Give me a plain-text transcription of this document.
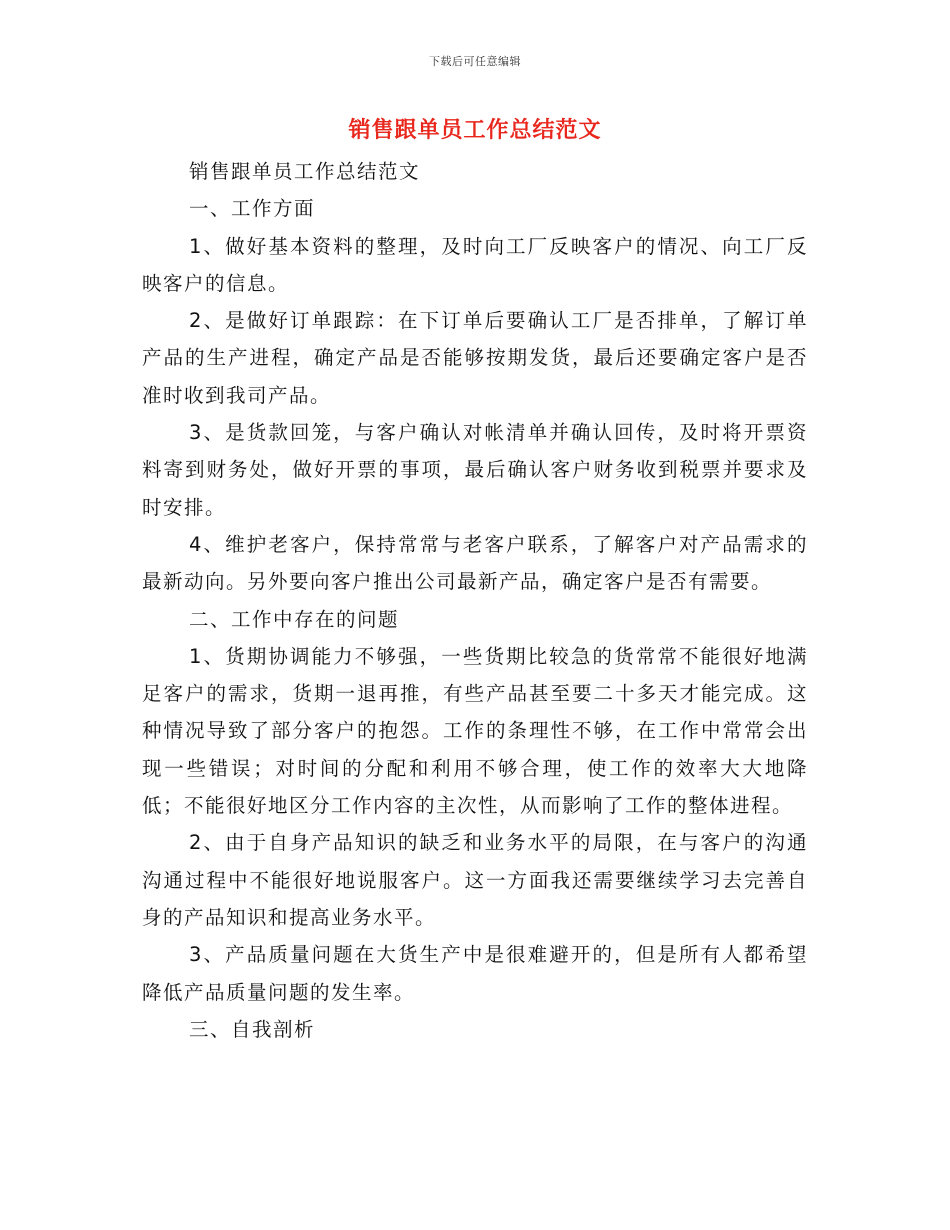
下载后可任意编辑
销售跟单员工作总结范文

销售跟单员工作总结范文

一、工作方面

1、做好基本资料的整理，及时向工厂反映客户的情况、向工厂反映客户的信息。

2、是做好订单跟踪：在下订单后要确认工厂是否排单，了解订单产品的生产进程，确定产品是否能够按期发货，最后还要确定客户是否准时收到我司产品。

3、是货款回笼，与客户确认对帐清单并确认回传，及时将开票资料寄到财务处，做好开票的事项，最后确认客户财务收到税票并要求及时安排。

4、维护老客户，保持常常与老客户联系，了解客户对产品需求的最新动向。另外要向客户推出公司最新产品，确定客户是否有需要。

二、工作中存在的问题

1、货期协调能力不够强，一些货期比较急的货常常不能很好地满足客户的需求，货期一退再推，有些产品甚至要二十多天才能完成。这种情况导致了部分客户的抱怨。工作的条理性不够，在工作中常常会出现一些错误；对时间的分配和利用不够合理，使工作的效率大大地降低；不能很好地区分工作内容的主次性，从而影响了工作的整体进程。

2、由于自身产品知识的缺乏和业务水平的局限，在与客户的沟通沟通过程中不能很好地说服客户。这一方面我还需要继续学习去完善自身的产品知识和提高业务水平。

3、产品质量问题在大货生产中是很难避开的，但是所有人都希望降低产品质量问题的发生率。

三、自我剖析
